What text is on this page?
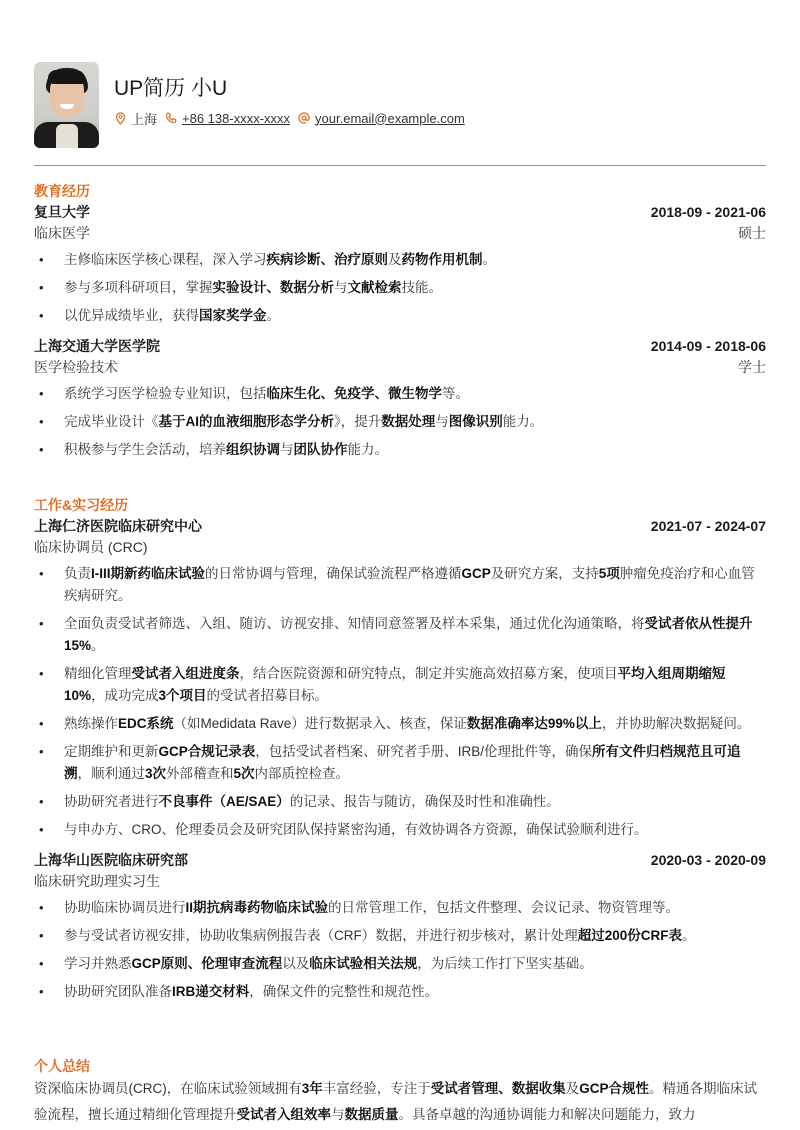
UP简历 小U
上海 +86 138-xxxx-xxxx your.email@example.com
教育经历
复旦大学	2018-09 - 2021-06
临床医学	硕士
• 主修临床医学核心课程，深入学习疾病诊断、治疗原则及药物作用机制。
• 参与多项科研项目，掌握实验设计、数据分析与文献检索技能。
• 以优异成绩毕业，获得国家奖学金。
上海交通大学医学院	2014-09 - 2018-06
医学检验技术	学士
• 系统学习医学检验专业知识，包括临床生化、免疫学、微生物学等。
• 完成毕业设计《基于AI的血液细胞形态学分析》，提升数据处理与图像识别能力。
• 积极参与学生会活动，培养组织协调与团队协作能力。
工作&实习经历
上海仁济医院临床研究中心	2021-07 - 2024-07
临床协调员 (CRC)
• 负责I-III期新药临床试验的日常协调与管理，确保试验流程严格遵循GCP及研究方案，支持5项肿瘤免疫治疗和心血管疾病研究。
• 全面负责受试者筛选、入组、随访、访视安排、知情同意签署及样本采集，通过优化沟通策略，将受试者依从性提升15%。
• 精细化管理受试者入组进度条，结合医院资源和研究特点，制定并实施高效招募方案，使项目平均入组周期缩短10%，成功完成3个项目的受试者招募目标。
• 熟练操作EDC系统（如Medidata Rave）进行数据录入、核查，保证数据准确率达99%以上，并协助解决数据疑问。
• 定期维护和更新GCP合规记录表，包括受试者档案、研究者手册、IRB/伦理批件等，确保所有文件归档规范且可追溯，顺利通过3次外部稽查和5次内部质控检查。
• 协助研究者进行不良事件（AE/SAE）的记录、报告与随访，确保及时性和准确性。
• 与申办方、CRO、伦理委员会及研究团队保持紧密沟通，有效协调各方资源，确保试验顺利进行。
上海华山医院临床研究部	2020-03 - 2020-09
临床研究助理实习生
• 协助临床协调员进行II期抗病毒药物临床试验的日常管理工作，包括文件整理、会议记录、物资管理等。
• 参与受试者访视安排，协助收集病例报告表（CRF）数据，并进行初步核对，累计处理超过200份CRF表。
• 学习并熟悉GCP原则、伦理审查流程以及临床试验相关法规，为后续工作打下坚实基础。
• 协助研究团队准备IRB递交材料，确保文件的完整性和规范性。
个人总结
资深临床协调员(CRC)，在临床试验领域拥有3年丰富经验，专注于受试者管理、数据收集及GCP合规性。精通各期临床试验流程，擅长通过精细化管理提升受试者入组效率与数据质量。具备卓越的沟通协调能力和解决问题能力，致力
